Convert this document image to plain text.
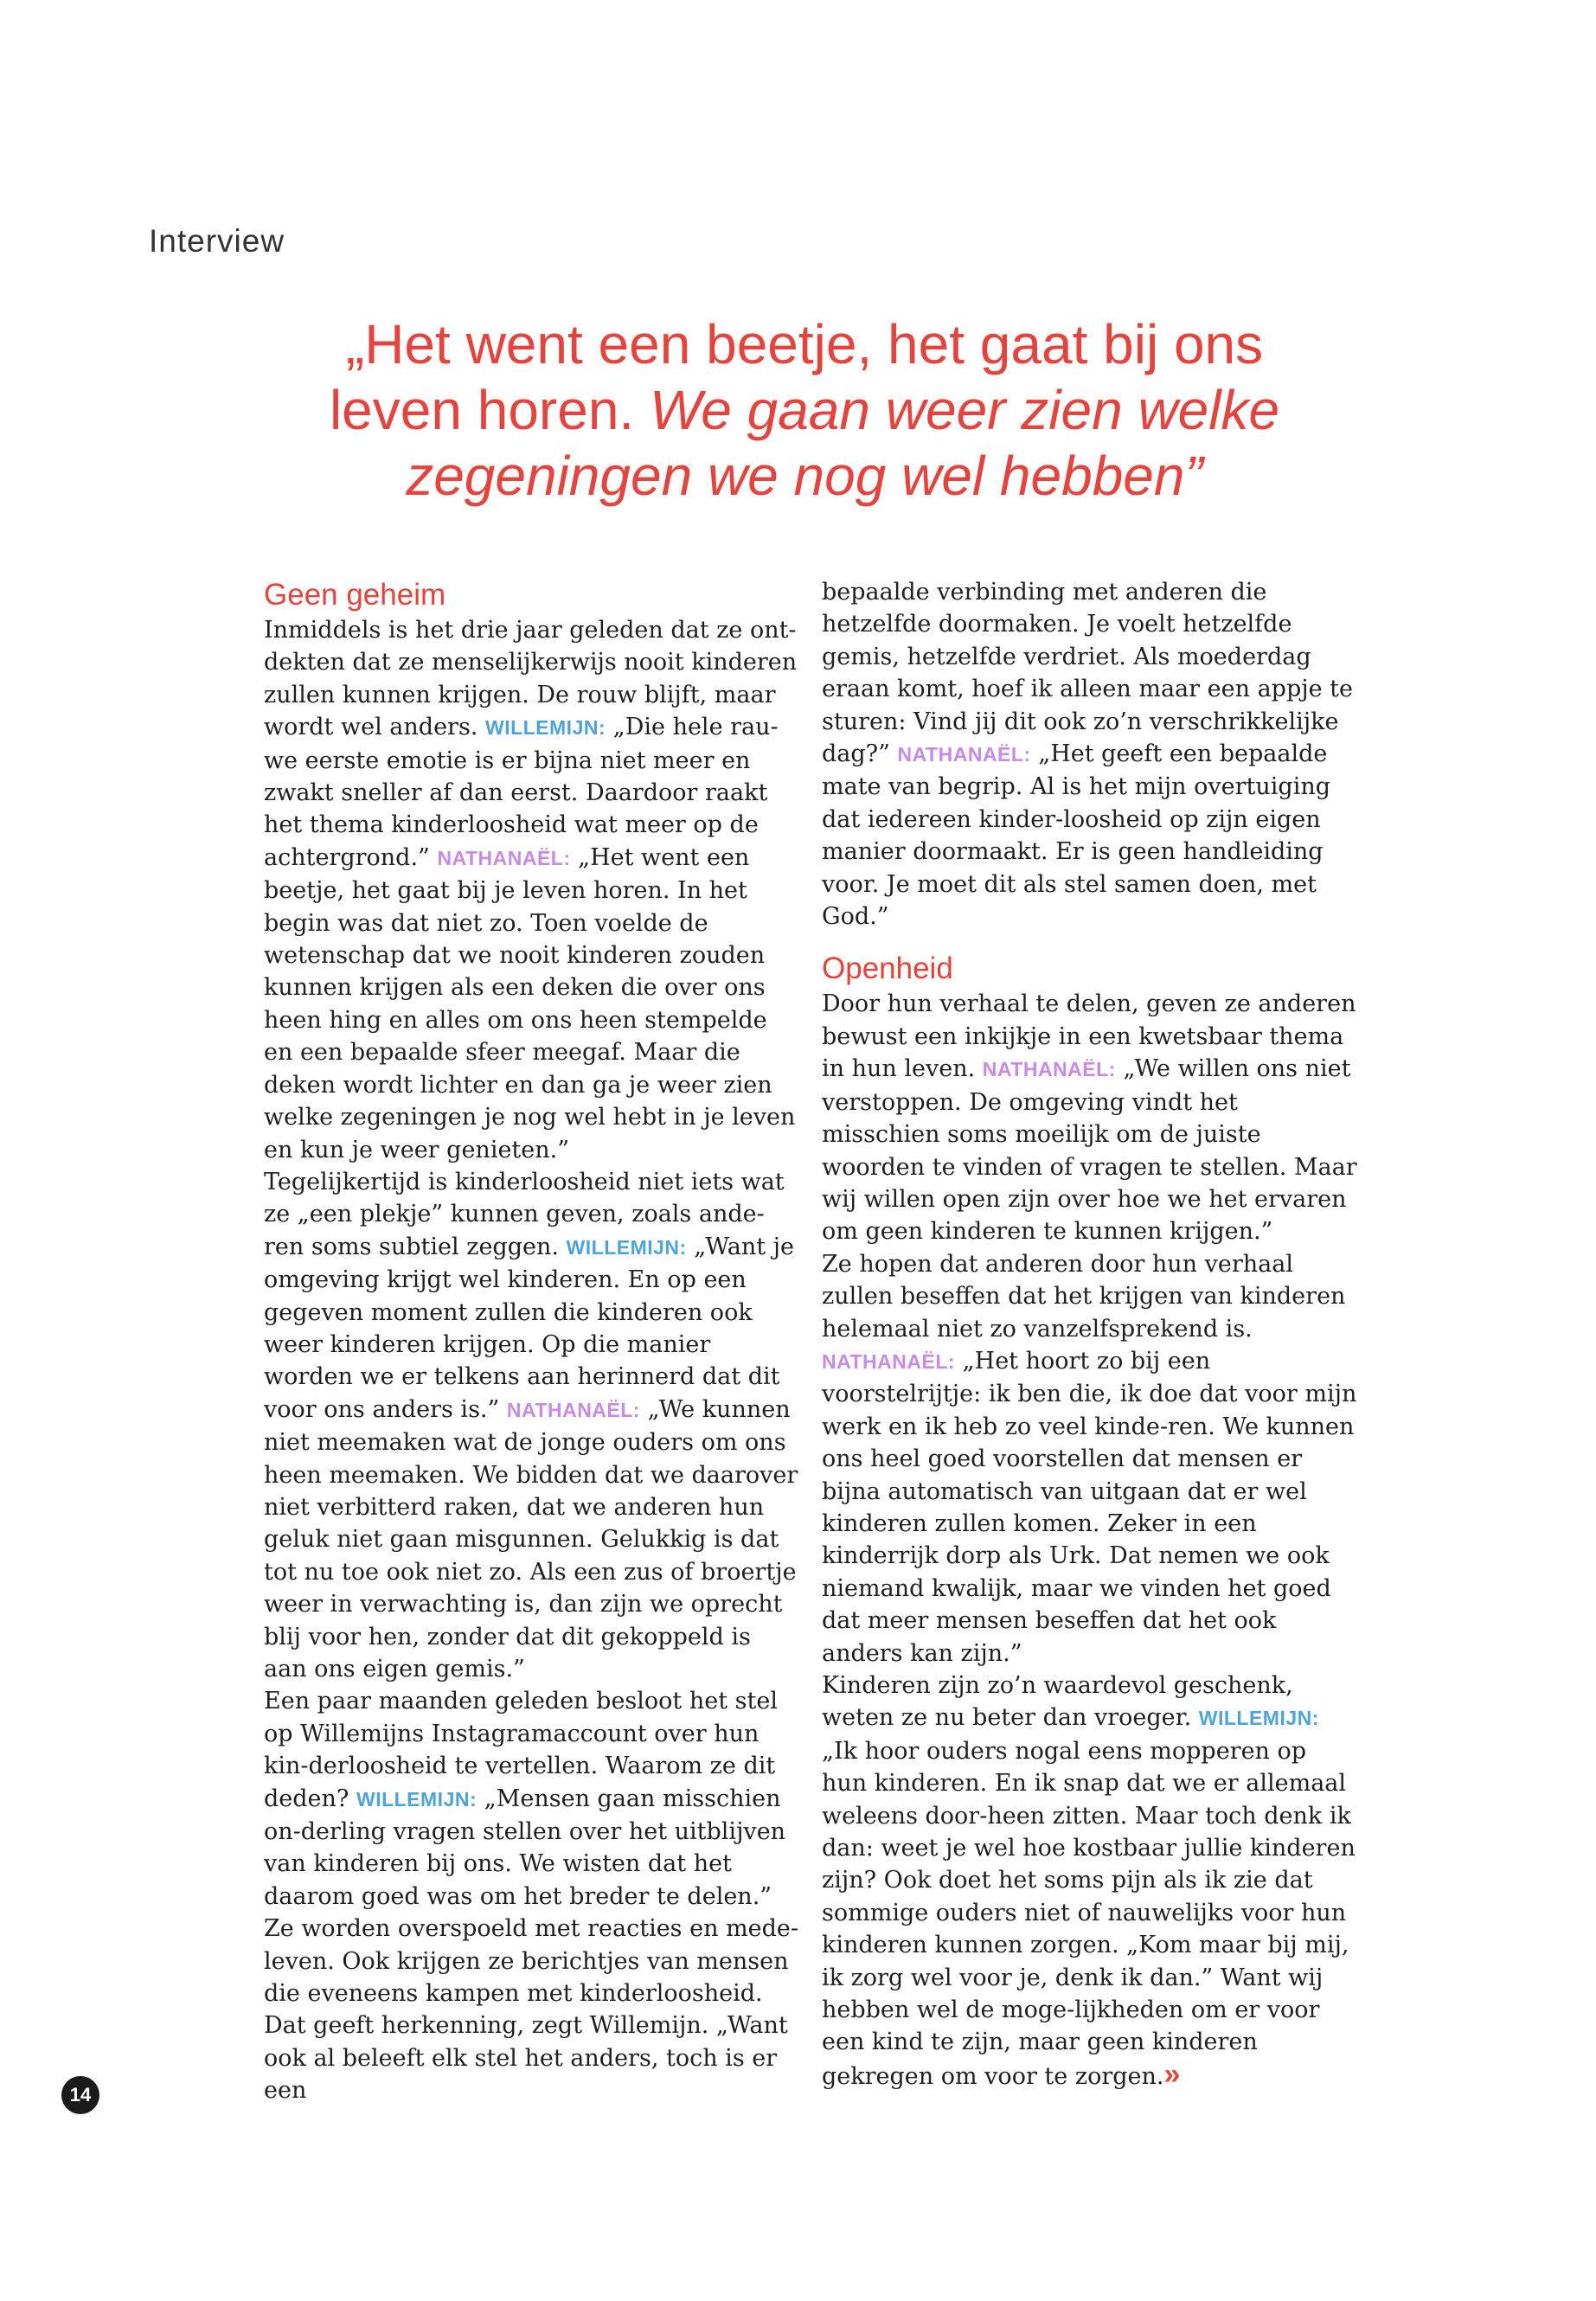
Interview
„Het went een beetje, het gaat bij ons
leven horen. We gaan weer zien welke
zegeningen we nog wel hebben”
Geen geheim

Inmiddels is het drie jaar geleden dat ze ont-dekten dat ze menselijkerwijs nooit kinderen zullen kunnen krijgen. De rouw blijft, maar wordt wel anders. WILLEMIJN: „Die hele rau-we eerste emotie is er bijna niet meer en zwakt sneller af dan eerst. Daardoor raakt het thema kinderloosheid wat meer op de achtergrond.” NATHANAËL: „Het went een beetje, het gaat bij je leven horen. In het begin was dat niet zo. Toen voelde de wetenschap dat we nooit kinderen zouden kunnen krijgen als een deken die over ons heen hing en alles om ons heen stempelde en een bepaalde sfeer meegaf. Maar die deken wordt lichter en dan ga je weer zien welke zegeningen je nog wel hebt in je leven en kun je weer genieten.”

Tegelijkertijd is kinderloosheid niet iets wat ze „een plekje” kunnen geven, zoals ande-ren soms subtiel zeggen. WILLEMIJN: „Want je omgeving krijgt wel kinderen. En op een gegeven moment zullen die kinderen ook weer kinderen krijgen. Op die manier worden we er telkens aan herinnerd dat dit voor ons anders is.” NATHANAËL: „We kunnen niet meemaken wat de jonge ouders om ons heen meemaken. We bidden dat we daarover niet verbitterd raken, dat we anderen hun geluk niet gaan misgunnen. Gelukkig is dat tot nu toe ook niet zo. Als een zus of broertje weer in verwachting is, dan zijn we oprecht blij voor hen, zonder dat dit gekoppeld is aan ons eigen gemis.”

Een paar maanden geleden besloot het stel op Willemijns Instagramaccount over hun kin-derloosheid te vertellen. Waarom ze dit deden? WILLEMIJN: „Mensen gaan misschien on-derling vragen stellen over het uitblijven van kinderen bij ons. We wisten dat het daarom goed was om het breder te delen.”

Ze worden overspoeld met reacties en mede-leven. Ook krijgen ze berichtjes van mensen die eveneens kampen met kinderloosheid. Dat geeft herkenning, zegt Willemijn. „Want ook al beleeft elk stel het anders, toch is er een

bepaalde verbinding met anderen die hetzelfde doormaken. Je voelt hetzelfde gemis, hetzelfde verdriet. Als moederdag eraan komt, hoef ik alleen maar een appje te sturen: Vind jij dit ook zo’n verschrikkelijke dag?” NATHANAËL: „Het geeft een bepaalde mate van begrip. Al is het mijn overtuiging dat iedereen kinder-loosheid op zijn eigen manier doormaakt. Er is geen handleiding voor. Je moet dit als stel samen doen, met God.”

Openheid

Door hun verhaal te delen, geven ze anderen bewust een inkijkje in een kwetsbaar thema in hun leven. NATHANAËL: „We willen ons niet verstoppen. De omgeving vindt het misschien soms moeilijk om de juiste woorden te vinden of vragen te stellen. Maar wij willen open zijn over hoe we het ervaren om geen kinderen te kunnen krijgen.”

Ze hopen dat anderen door hun verhaal zullen beseffen dat het krijgen van kinderen helemaal niet zo vanzelfsprekend is. NATHANAËL: „Het hoort zo bij een voorstelrijtje: ik ben die, ik doe dat voor mijn werk en ik heb zo veel kinde-ren. We kunnen ons heel goed voorstellen dat mensen er bijna automatisch van uitgaan dat er wel kinderen zullen komen. Zeker in een kinderrijk dorp als Urk. Dat nemen we ook niemand kwalijk, maar we vinden het goed dat meer mensen beseffen dat het ook anders kan zijn.”

Kinderen zijn zo’n waardevol geschenk, weten ze nu beter dan vroeger. WILLEMIJN: „Ik hoor ouders nogal eens mopperen op hun kinderen. En ik snap dat we er allemaal weleens door-heen zitten. Maar toch denk ik dan: weet je wel hoe kostbaar jullie kinderen zijn? Ook doet het soms pijn als ik zie dat sommige ouders niet of nauwelijks voor hun kinderen kunnen zorgen. „Kom maar bij mij, ik zorg wel voor je, denk ik dan.” Want wij hebben wel de moge-lijkheden om er voor een kind te zijn, maar geen kinderen gekregen om voor te zorgen.»

14
